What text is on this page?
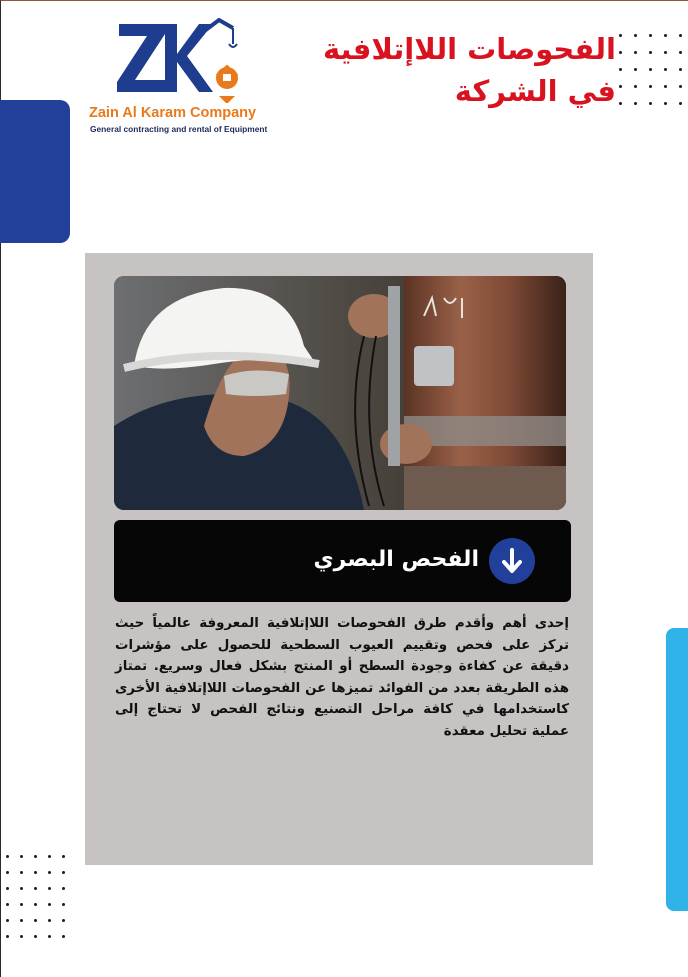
Zain Al Karam Company
General contracting and rental of Equipment
الفحوصات اللاإتلافية
في الشركة
الفحص البصري

إحدى أهم وأقدم طرق الفحوصات اللاإتلافية المعروفة عالمياً حيث تركز على فحص وتقييم العيوب السطحية للحصول على مؤشرات دقيقة عن كفاءة وجودة السطح أو المنتج بشكل فعال وسريع. تمتاز هذه الطريقة بعدد من الفوائد تميزها عن الفحوصات اللاإتلافية الأخرى كاستخدامها في كافة مراحل التصنيع ونتائج الفحص لا تحتاج إلى عملية تحليل معقدة
